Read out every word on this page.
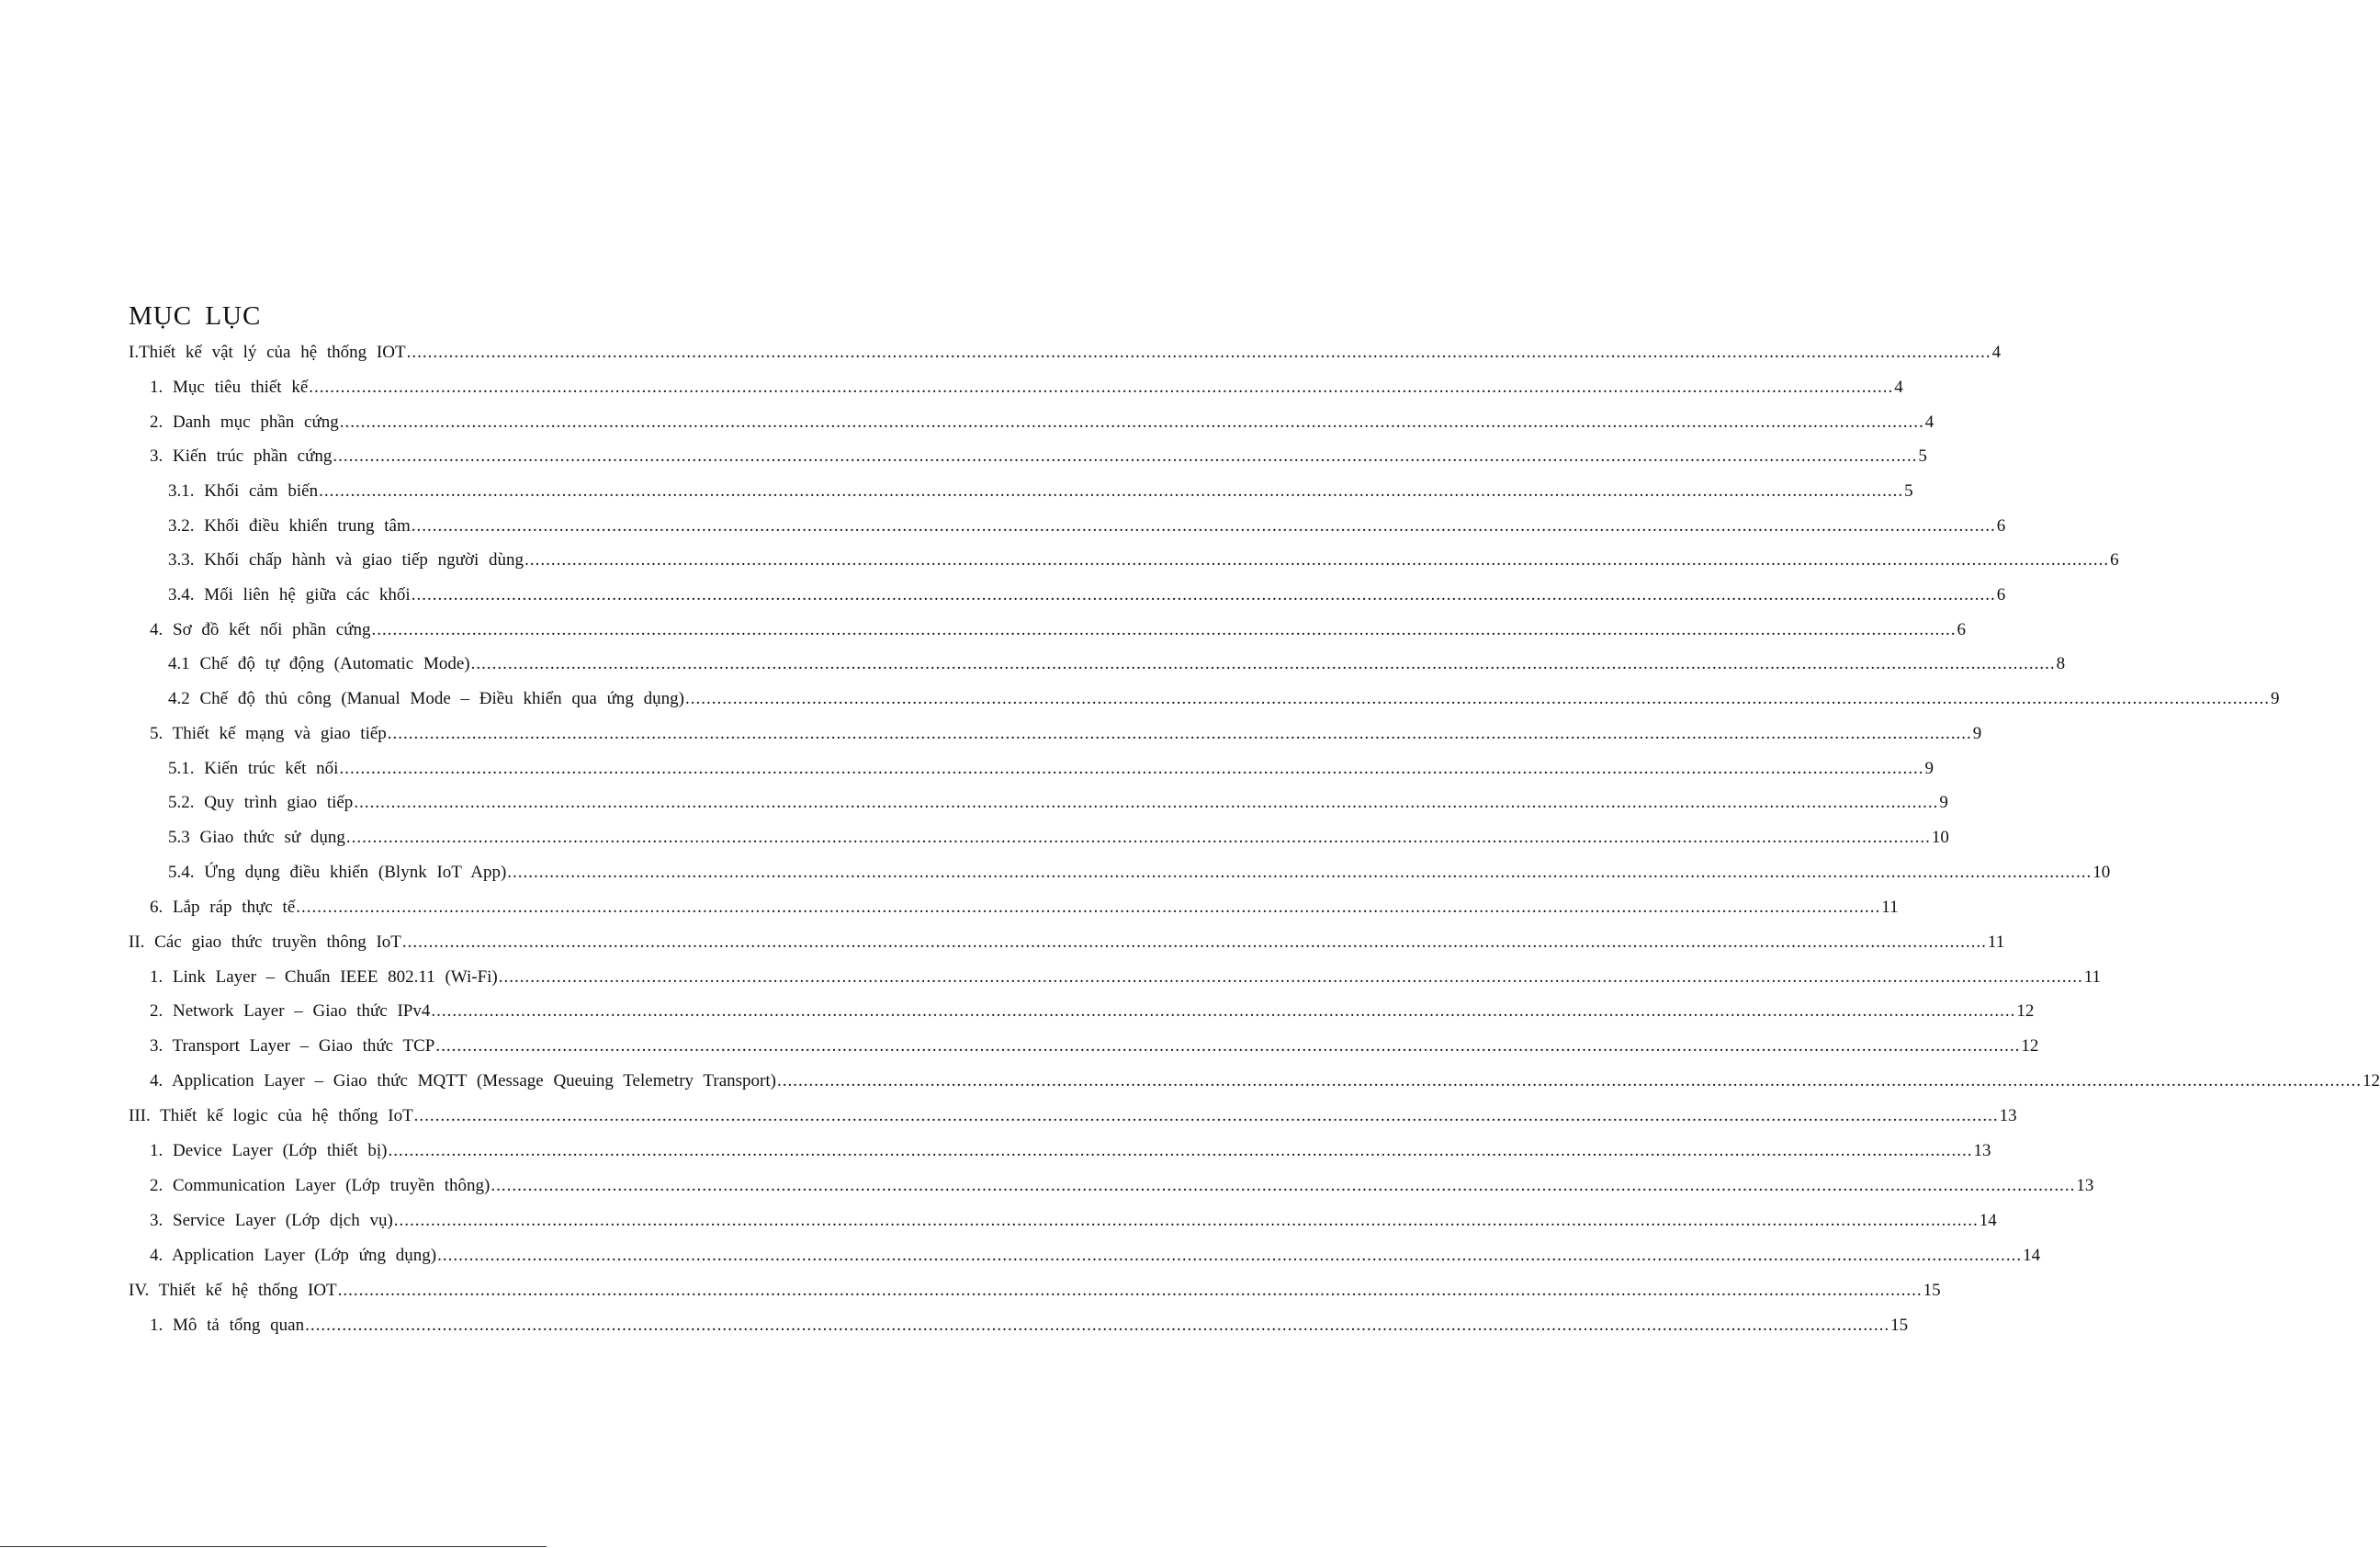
MỤC LỤC
I.Thiết kế vật lý của hệ thống IOT ............................................................................................................................................................................................................................................................................................................ 4
1. Mục tiêu thiết kế ............................................................................................................................................................................................................................................................................................................ 4
2. Danh mục phần cứng ............................................................................................................................................................................................................................................................................................................ 4
3. Kiến trúc phần cứng ............................................................................................................................................................................................................................................................................................................ 5
3.1. Khối cảm biến ............................................................................................................................................................................................................................................................................................................ 5
3.2. Khối điều khiển trung tâm ............................................................................................................................................................................................................................................................................................................ 6
3.3. Khối chấp hành và giao tiếp người dùng ............................................................................................................................................................................................................................................................................................................ 6
3.4. Mối liên hệ giữa các khối ............................................................................................................................................................................................................................................................................................................ 6
4. Sơ đồ kết nối phần cứng ............................................................................................................................................................................................................................................................................................................ 6
4.1 Chế độ tự động (Automatic Mode) ............................................................................................................................................................................................................................................................................................................ 8
4.2 Chế độ thủ công (Manual Mode – Điều khiển qua ứng dụng) ............................................................................................................................................................................................................................................................................................................ 9
5. Thiết kế mạng và giao tiếp ............................................................................................................................................................................................................................................................................................................ 9
5.1. Kiến trúc kết nối ............................................................................................................................................................................................................................................................................................................ 9
5.2. Quy trình giao tiếp ............................................................................................................................................................................................................................................................................................................ 9
5.3 Giao thức sử dụng ............................................................................................................................................................................................................................................................................................................ 10
5.4. Ứng dụng điều khiển (Blynk IoT App) ............................................................................................................................................................................................................................................................................................................ 10
6. Lắp ráp thực tế ............................................................................................................................................................................................................................................................................................................ 11
II. Các giao thức truyền thông IoT ............................................................................................................................................................................................................................................................................................................ 11
1. Link Layer – Chuẩn IEEE 802.11 (Wi-Fi) ............................................................................................................................................................................................................................................................................................................ 11
2. Network Layer – Giao thức IPv4 ............................................................................................................................................................................................................................................................................................................ 12
3. Transport Layer – Giao thức TCP ............................................................................................................................................................................................................................................................................................................ 12
4. Application Layer – Giao thức MQTT (Message Queuing Telemetry Transport) ............................................................................................................................................................................................................................................................................................................ 12
III. Thiết kế logic của hệ thống IoT ............................................................................................................................................................................................................................................................................................................ 13
1. Device Layer (Lớp thiết bị) ............................................................................................................................................................................................................................................................................................................ 13
2. Communication Layer (Lớp truyền thông) ............................................................................................................................................................................................................................................................................................................ 13
3. Service Layer (Lớp dịch vụ) ............................................................................................................................................................................................................................................................................................................ 14
4. Application Layer (Lớp ứng dụng) ............................................................................................................................................................................................................................................................................................................ 14
IV. Thiết kế hệ thống IOT ............................................................................................................................................................................................................................................................................................................ 15
1. Mô tả tổng quan ............................................................................................................................................................................................................................................................................................................ 15
